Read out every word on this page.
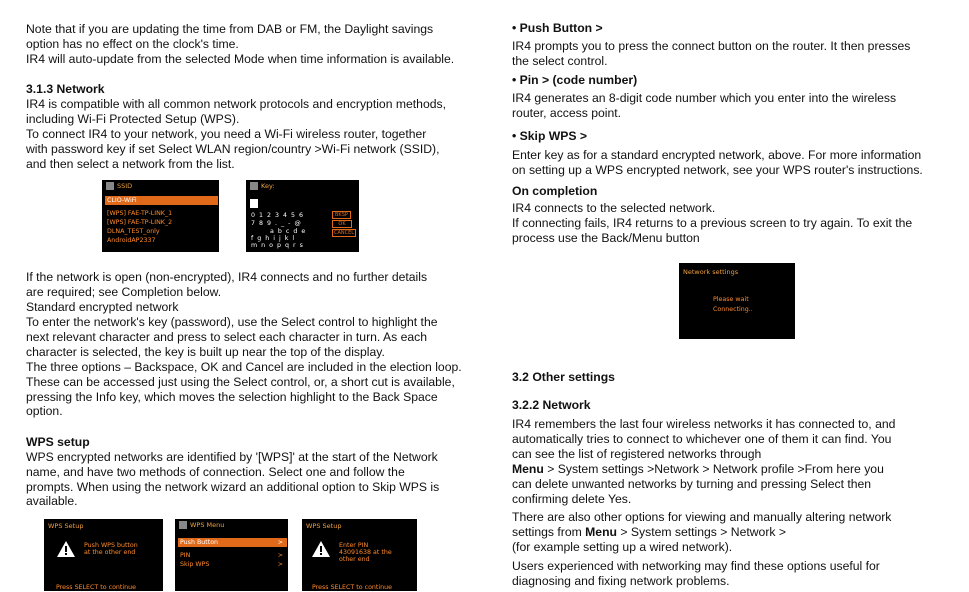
Note that if you are updating the time from DAB or FM, the Daylight savings option has no effect on the clock's time.

IR4 will auto-update from the selected Mode when time information is available.

3.1.3 Network

IR4 is compatible with all common network protocols and encryption methods, including Wi-Fi Protected Setup (WPS).

To connect IR4 to your network, you need a Wi-Fi wireless router, together with password key if set Select WLAN region/country >Wi-Fi network (SSID), and then select a network from the list.

If the network is open (non-encrypted), IR4 connects and no further details are required; see Completion below.

Standard encrypted network

To enter the network's key (password), use the Select control to highlight the next relevant character and press to select each character in turn. As each character is selected, the key is built up near the top of the display.

The three options – Backspace, OK and Cancel are included in the election loop. These can be accessed just using the Select control, or, a short cut is available, pressing the Info key, which moves the selection highlight to the Back Space option.

WPS setup

WPS encrypted networks are identified by '[WPS]' at the start of the Network name, and have two methods of connection. Select one and follow the prompts. When using the network wizard an additional option to Skip WPS is available.

SSID
CLIO-WiFi
[WPS] FAE-TP-LINK_1
[WPS] FAE-TP-LINK_2
DLNA_TEST_only
AndroidAP2337
Key:
0 1 2 3 4 5 6
7 8 9 . _ - @
a b c d e
f g h i j k l
m n o p q r s
BKSP
OK
CANCEL
WPS Setup
Push WPS button
at the other end
Press SELECT to continue
WPS Menu
Push Button	>
PIN	>
Skip WPS	>
WPS Setup
Enter PIN
43091638 at the
other end
Press SELECT to continue

• Push Button >

IR4 prompts you to press the connect button on the router. It then presses the select control.

• Pin > (code number)

IR4 generates an 8-digit code number which you enter into the wireless router, access point.

• Skip WPS >

Enter key as for a standard encrypted network, above. For more information on setting up a WPS encrypted network, see your WPS router's instructions.

On completion

IR4 connects to the selected network.

If connecting fails, IR4 returns to a previous screen to try again. To exit the process use the Back/Menu button

3.2 Other settings

3.2.2 Network

IR4 remembers the last four wireless networks it has connected to, and automatically tries to connect to whichever one of them it can find. You can see the list of registered networks through

Menu > System settings >Network > Network profile >From here you can delete unwanted networks by turning and pressing Select then confirming delete Yes.

There are also other options for viewing and manually altering network settings from Menu > System settings > Network >

(for example setting up a wired network).

Users experienced with networking may find these options useful for diagnosing and fixing network problems.

Network settings
Please wait
Connecting..
